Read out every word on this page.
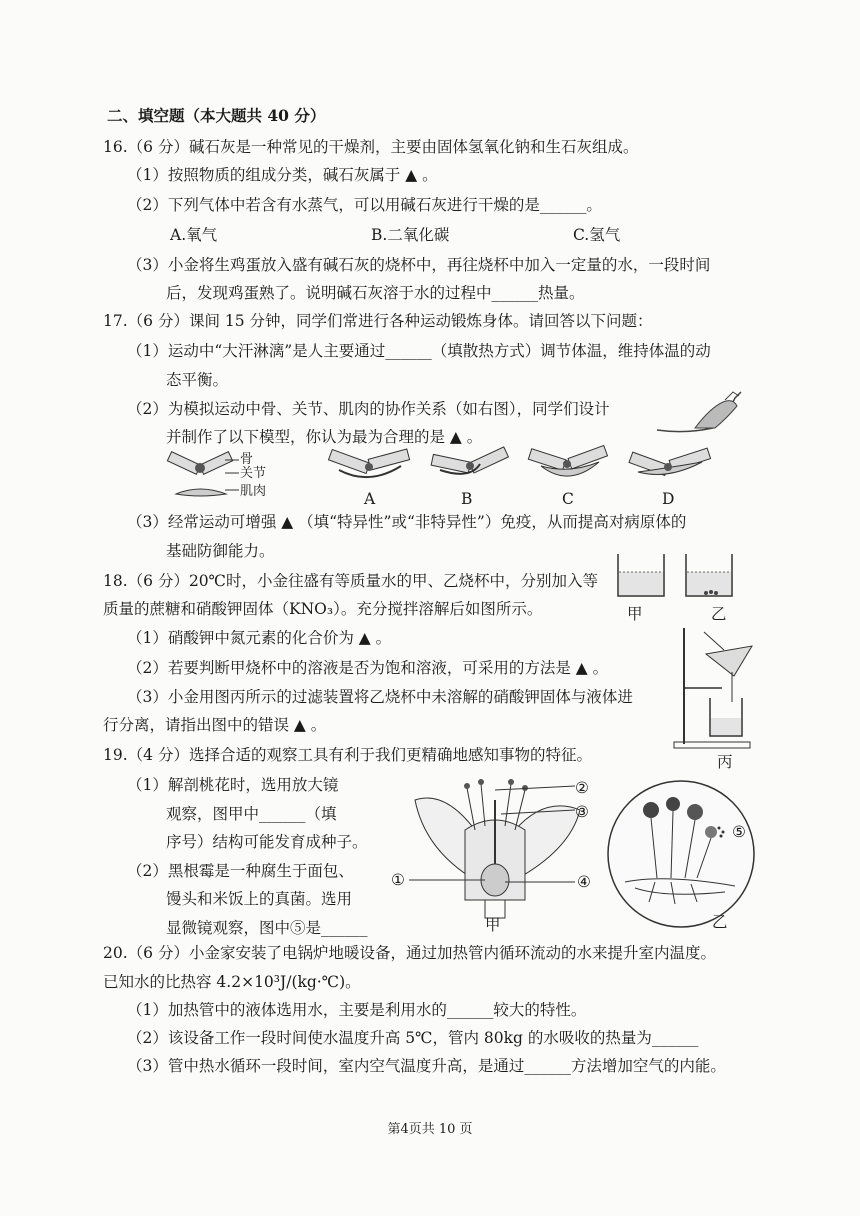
二、填空题（本大题共 40 分）
16.（6 分）碱石灰是一种常见的干燥剂，主要由固体氢氧化钠和生石灰组成。
（1）按照物质的组成分类，碱石灰属于 ▲ 。
（2）下列气体中若含有水蒸气，可以用碱石灰进行干燥的是______。
A.氧气	B.二氧化碳	C.氢气
（3）小金将生鸡蛋放入盛有碱石灰的烧杯中，再往烧杯中加入一定量的水，一段时间
后，发现鸡蛋熟了。说明碱石灰溶于水的过程中______热量。
17.（6 分）课间 15 分钟，同学们常进行各种运动锻炼身体。请回答以下问题：
（1）运动中“大汗淋漓”是人主要通过______（填散热方式）调节体温，维持体温的动
态平衡。
（2）为模拟运动中骨、关节、肌肉的协作关系（如右图），同学们设计
并制作了以下模型，你认为最为合理的是 ▲ 。
骨
关节
肌肉	A	B	C	D
（3）经常运动可增强 ▲ （填“特异性”或“非特异性”）免疫，从而提高对病原体的
基础防御能力。
18.（6 分）20℃时，小金往盛有等质量水的甲、乙烧杯中，分别加入等
质量的蔗糖和硝酸钾固体（KNO₃）。充分搅拌溶解后如图所示。
（1）硝酸钾中氮元素的化合价为 ▲ 。
（2）若要判断甲烧杯中的溶液是否为饱和溶液，可采用的方法是 ▲ 。
（3）小金用图丙所示的过滤装置将乙烧杯中未溶解的硝酸钾固体与液体进
行分离，请指出图中的错误 ▲ 。
甲	乙
丙
19.（4 分）选择合适的观察工具有利于我们更精确地感知事物的特征。
（1）解剖桃花时，选用放大镜
观察，图甲中______（填
序号）结构可能发育成种子。
（2）黑根霉是一种腐生于面包、
馒头和米饭上的真菌。选用
显微镜观察，图中⑤是______
②
③
①	④
甲
⑤
乙
20.（6 分）小金家安装了电锅炉地暖设备，通过加热管内循环流动的水来提升室内温度。
已知水的比热容 4.2×10³J/(kg·℃)。
（1）加热管中的液体选用水，主要是利用水的______较大的特性。
（2）该设备工作一段时间使水温度升高 5℃，管内 80kg 的水吸收的热量为______
（3）管中热水循环一段时间，室内空气温度升高，是通过______方法增加空气的内能。
第4页共 10 页
